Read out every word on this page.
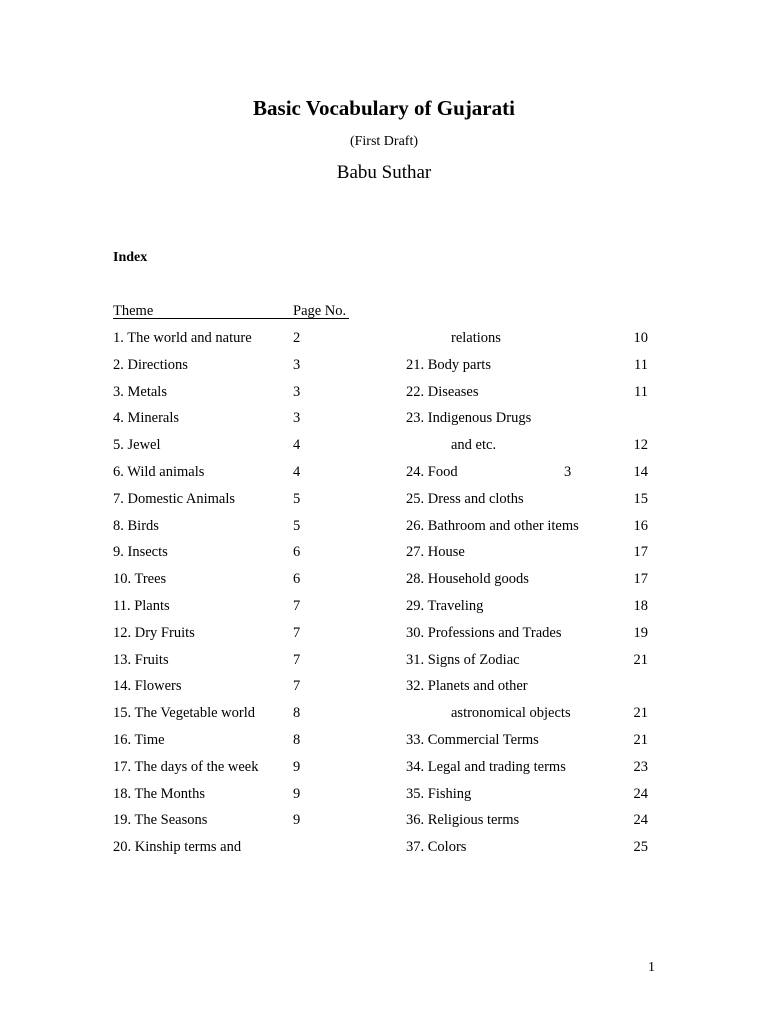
Basic Vocabulary of Gujarati
(First Draft)
Babu Suthar
Index
Theme	Page No.
1. The world and nature	2
2. Directions	3
3. Metals	3
4. Minerals	3
5. Jewel	4
6. Wild animals	4
7. Domestic Animals	5
8. Birds	5
9. Insects	6
10. Trees	6
11. Plants	7
12. Dry Fruits	7
13. Fruits	7
14. Flowers	7
15. The Vegetable world	8
16. Time	8
17. The days of the week 9
18. The Months	9
19. The Seasons	9
20. Kinship terms and
relations	10
21. Body parts	11
22. Diseases	11
23. Indigenous Drugs
and etc.	12
24. Food	3	14
25. Dress and cloths	15
26. Bathroom and other items	16
27. House	17
28. Household goods	17
29. Traveling	18
30. Professions and Trades	19
31. Signs of Zodiac	21
32. Planets and other
astronomical objects	21
33. Commercial Terms	21
34. Legal and trading terms	23
35. Fishing	24
36. Religious terms	24
37. Colors	25
1
